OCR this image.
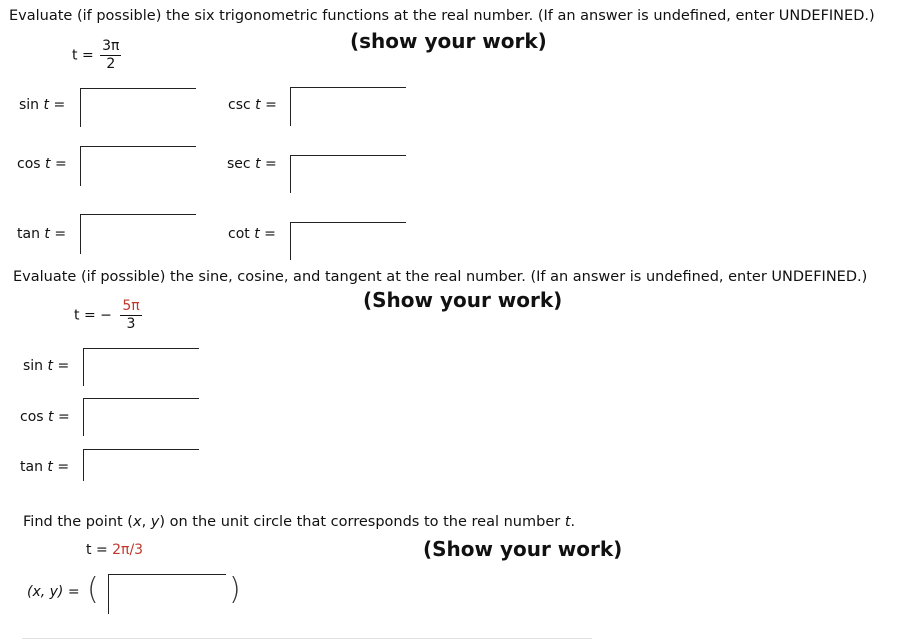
Evaluate (if possible) the six trigonometric functions at the real number. (If an answer is undefined, enter UNDEFINED.)
$t = \frac{3\pi}{2}$	(show your work)
sin t =	csc t =
cos t =	sec t =
tan t =	cot t =
Evaluate (if possible) the sine, cosine, and tangent at the real number. (If an answer is undefined, enter UNDEFINED.)
t = − $\frac{5\pi}{3}$	(Show your work)
sin t =
cos t =
tan t =
Find the point (x, y) on the unit circle that corresponds to the real number t.
t = 2π/3	(Show your work)
(x, y) = (	)
